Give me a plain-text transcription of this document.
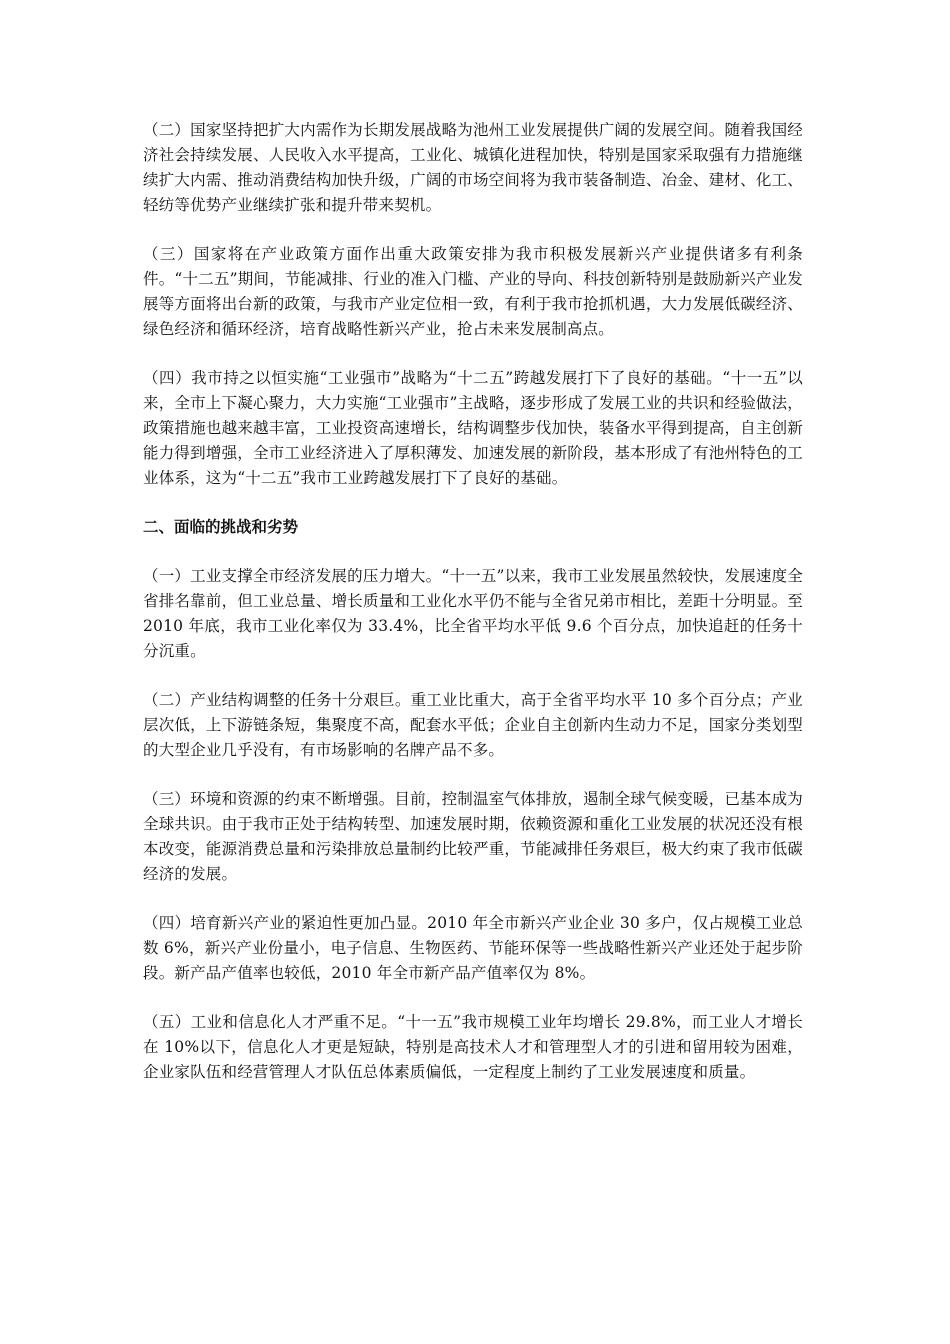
（二）国家坚持把扩大内需作为长期发展战略为池州工业发展提供广阔的发展空间。随着我国经济社会持续发展、人民收入水平提高，工业化、城镇化进程加快，特别是国家采取强有力措施继续扩大内需、推动消费结构加快升级，广阔的市场空间将为我市装备制造、冶金、建材、化工、轻纺等优势产业继续扩张和提升带来契机。

（三）国家将在产业政策方面作出重大政策安排为我市积极发展新兴产业提供诸多有利条件。“十二五”期间，节能减排、行业的准入门槛、产业的导向、科技创新特别是鼓励新兴产业发展等方面将出台新的政策，与我市产业定位相一致，有利于我市抢抓机遇，大力发展低碳经济、绿色经济和循环经济，培育战略性新兴产业，抢占未来发展制高点。

（四）我市持之以恒实施“工业强市”战略为“十二五”跨越发展打下了良好的基础。“十一五”以来，全市上下凝心聚力，大力实施“工业强市”主战略，逐步形成了发展工业的共识和经验做法，政策措施也越来越丰富，工业投资高速增长，结构调整步伐加快，装备水平得到提高，自主创新能力得到增强，全市工业经济进入了厚积薄发、加速发展的新阶段，基本形成了有池州特色的工业体系，这为“十二五”我市工业跨越发展打下了良好的基础。

二、面临的挑战和劣势

（一）工业支撑全市经济发展的压力增大。“十一五”以来，我市工业发展虽然较快，发展速度全省排名靠前，但工业总量、增长质量和工业化水平仍不能与全省兄弟市相比，差距十分明显。至 2010 年底，我市工业化率仅为 33.4%，比全省平均水平低 9.6 个百分点，加快追赶的任务十分沉重。

（二）产业结构调整的任务十分艰巨。重工业比重大，高于全省平均水平 10 多个百分点；产业层次低，上下游链条短，集聚度不高，配套水平低；企业自主创新内生动力不足，国家分类划型的大型企业几乎没有，有市场影响的名牌产品不多。

（三）环境和资源的约束不断增强。目前，控制温室气体排放，遏制全球气候变暖，已基本成为全球共识。由于我市正处于结构转型、加速发展时期，依赖资源和重化工业发展的状况还没有根本改变，能源消费总量和污染排放总量制约比较严重，节能减排任务艰巨，极大约束了我市低碳经济的发展。

（四）培育新兴产业的紧迫性更加凸显。2010 年全市新兴产业企业 30 多户，仅占规模工业总数 6%，新兴产业份量小，电子信息、生物医药、节能环保等一些战略性新兴产业还处于起步阶段。新产品产值率也较低，2010 年全市新产品产值率仅为 8%。

（五）工业和信息化人才严重不足。“十一五”我市规模工业年均增长 29.8%，而工业人才增长在 10%以下，信息化人才更是短缺，特别是高技术人才和管理型人才的引进和留用较为困难，企业家队伍和经营管理人才队伍总体素质偏低，一定程度上制约了工业发展速度和质量。
